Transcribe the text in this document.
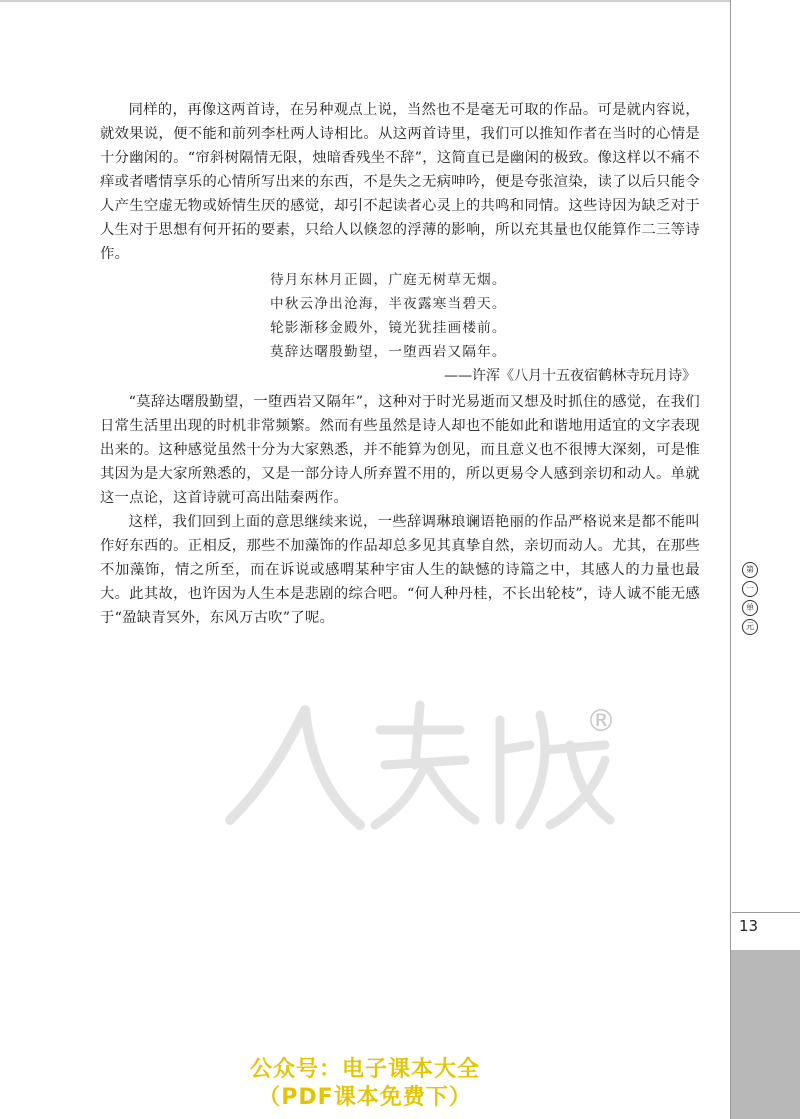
第
一
单
元
13

同样的，再像这两首诗，在另种观点上说，当然也不是毫无可取的作品。可是就内容说，就效果说，便不能和前列李杜两人诗相比。从这两首诗里，我们可以推知作者在当时的心情是十分幽闲的。“帘斜树隔情无限，烛暗香残坐不辞”，这简直已是幽闲的极致。像这样以不痛不痒或者嗜情享乐的心情所写出来的东西，不是失之无病呻吟，便是夸张渲染，读了以后只能令人产生空虚无物或娇情生厌的感觉，却引不起读者心灵上的共鸣和同情。这些诗因为缺乏对于人生对于思想有何开拓的要素，只给人以倏忽的浮薄的影响，所以充其量也仅能算作二三等诗作。

待月东林月正圆，广庭无树草无烟。
中秋云净出沧海，半夜露寒当碧天。
轮影渐移金殿外，镜光犹挂画楼前。
莫辞达曙殷勤望，一堕西岩又隔年。
——许浑《八月十五夜宿鹤林寺玩月诗》

“莫辞达曙殷勤望，一堕西岩又隔年”，这种对于时光易逝而又想及时抓住的感觉，在我们日常生活里出现的时机非常频繁。然而有些虽然是诗人却也不能如此和谐地用适宜的文字表现出来的。这种感觉虽然十分为大家熟悉，并不能算为创见，而且意义也不很博大深刻，可是惟其因为是大家所熟悉的，又是一部分诗人所弃置不用的，所以更易令人感到亲切和动人。单就这一点论，这首诗就可高出陆秦两作。

这样，我们回到上面的意思继续来说，一些辞调琳琅谰语艳丽的作品严格说来是都不能叫作好东西的。正相反，那些不加藻饰的作品却总多见其真挚自然，亲切而动人。尤其，在那些不加藻饰，情之所至，而在诉说或感喟某种宇宙人生的缺憾的诗篇之中，其感人的力量也最大。此其故，也许因为人生本是悲剧的综合吧。“何人种丹桂，不长出轮枝”，诗人诚不能无感于“盈缺青冥外，东风万古吹”了呢。

®
公众号：电子课本大全
（PDF课本免费下）
